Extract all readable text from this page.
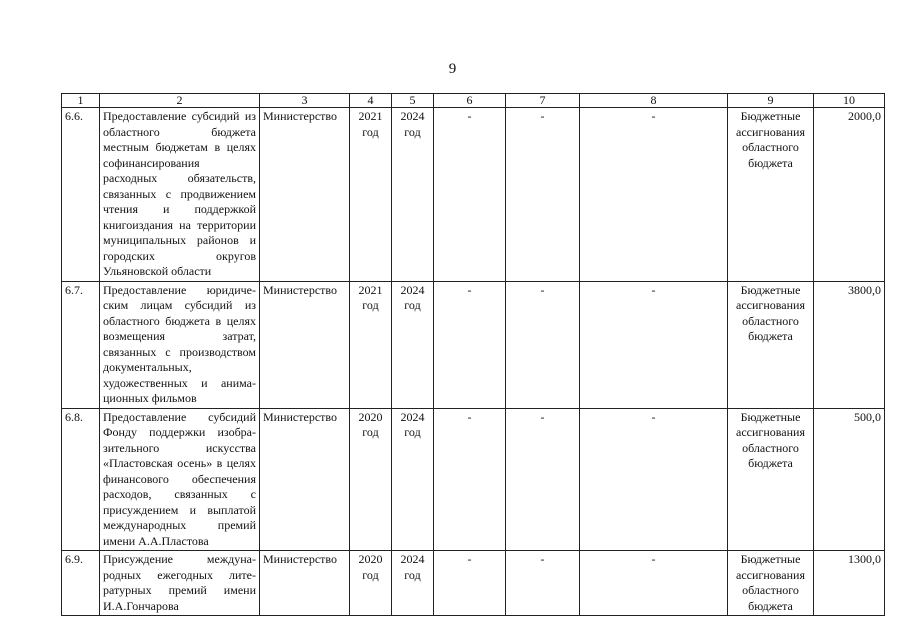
9
1	2	3	4	5	6	7	8	9	10
6.6.	Предоставление субсидий из областного бюджета местным бюджетам в целях софинансирования расходных обязательств, связанных с продвижением чтения и поддержкой книгоиздания на территории муниципальных районов и городских округов Ульяновской области	Министерство	2021 год	2024 год	-	-	-	Бюджетные ассигнования областного бюджета	2000,0
6.7.	Предоставление юридическим лицам субсидий из областного бюджета в целях возмещения затрат, связанных с производством документальных, художественных и анимационных фильмов	Министерство	2021 год	2024 год	-	-	-	Бюджетные ассигнования областного бюджета	3800,0
6.8.	Предоставление субсидий Фонду поддержки изобразительного искусства «Пластовская осень» в целях финансового обеспечения расходов, связанных с присуждением и выплатой международных премий имени А.А.Пластова	Министерство	2020 год	2024 год	-	-	-	Бюджетные ассигнования областного бюджета	500,0
6.9.	Присуждение международных ежегодных литературных премий имени И.А.Гончарова	Министерство	2020 год	2024 год	-	-	-	Бюджетные ассигнования областного бюджета	1300,0
